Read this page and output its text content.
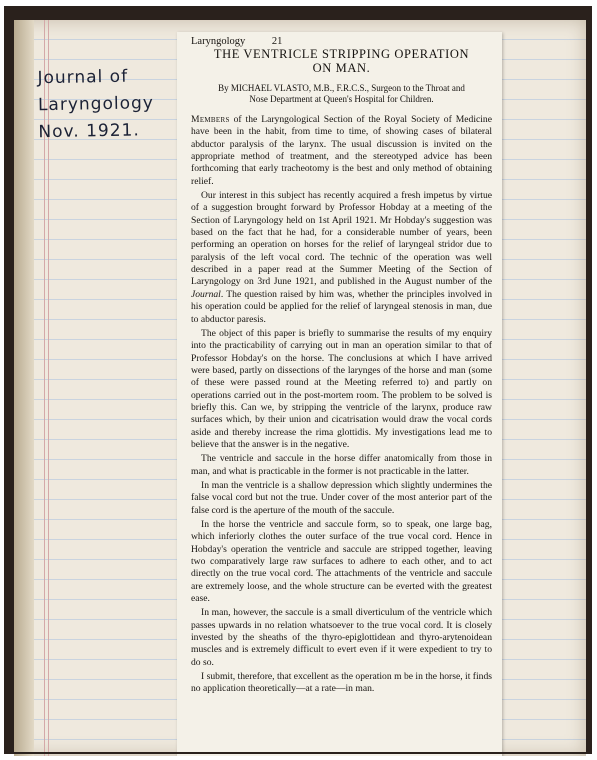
Journal of
Laryngology
Nov. 1921.
Laryngology	21
THE VENTRICLE STRIPPING OPERATION
ON MAN.
By MICHAEL VLASTO, M.B., F.R.C.S., Surgeon to the Throat and
Nose Department at Queen's Hospital for Children.

Members of the Laryngological Section of the Royal Society of Medicine have been in the habit, from time to time, of showing cases of bilateral abductor paralysis of the larynx. The usual discussion is invited on the appropriate method of treatment, and the stereotyped advice has been forthcoming that early tracheotomy is the best and only method of obtaining relief.

Our interest in this subject has recently acquired a fresh impetus by virtue of a suggestion brought forward by Professor Hobday at a meeting of the Section of Laryngology held on 1st April 1921. Mr Hobday's suggestion was based on the fact that he had, for a considerable number of years, been performing an operation on horses for the relief of laryngeal stridor due to paralysis of the left vocal cord. The technic of the operation was well described in a paper read at the Summer Meeting of the Section of Laryngology on 3rd June 1921, and published in the August number of the Journal. The question raised by him was, whether the principles involved in his operation could be applied for the relief of laryngeal stenosis in man, due to abductor paresis.

The object of this paper is briefly to summarise the results of my enquiry into the practicability of carrying out in man an operation similar to that of Professor Hobday's on the horse. The conclusions at which I have arrived were based, partly on dissections of the larynges of the horse and man (some of these were passed round at the Meeting referred to) and partly on operations carried out in the post-mortem room. The problem to be solved is briefly this. Can we, by stripping the ventricle of the larynx, produce raw surfaces which, by their union and cicatrisation would draw the vocal cords aside and thereby increase the rima glottidis. My investigations lead me to believe that the answer is in the negative.

The ventricle and saccule in the horse differ anatomically from those in man, and what is practicable in the former is not practicable in the latter.

In man the ventricle is a shallow depression which slightly undermines the false vocal cord but not the true. Under cover of the most anterior part of the false cord is the aperture of the mouth of the saccule.

In the horse the ventricle and saccule form, so to speak, one large bag, which inferiorly clothes the outer surface of the true vocal cord. Hence in Hobday's operation the ventricle and saccule are stripped together, leaving two comparatively large raw surfaces to adhere to each other, and to act directly on the true vocal cord. The attachments of the ventricle and saccule are extremely loose, and the whole structure can be everted with the greatest ease.

In man, however, the saccule is a small diverticulum of the ventricle which passes upwards in no relation whatsoever to the true vocal cord. It is closely invested by the sheaths of the thyro-epiglottidean and thyro-arytenoidean muscles and is extremely difficult to evert even if it were expedient to try to do so.

I submit, therefore, that excellent as the operation m be in the horse, it finds no application theoretically—at a rate—in man.
